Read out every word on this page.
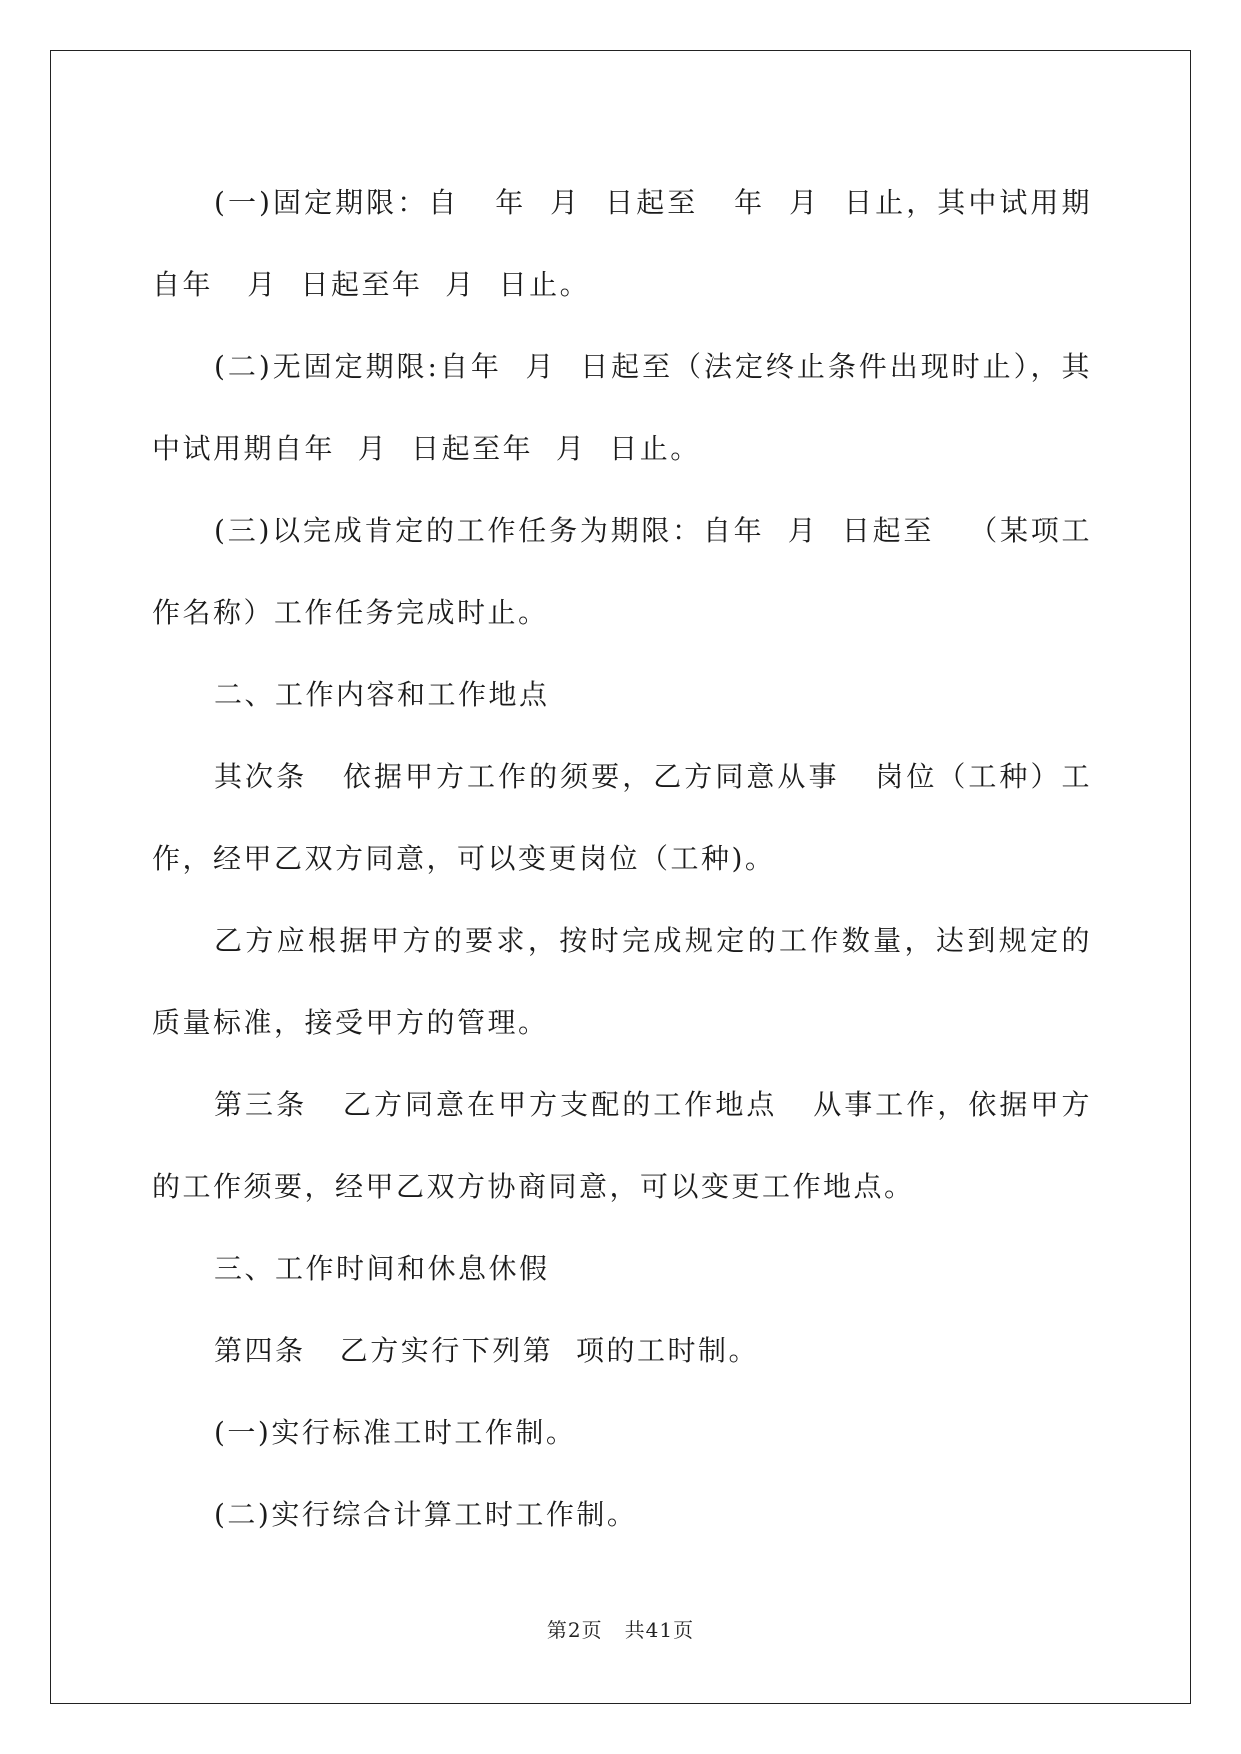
(一)固定期限：自   年  月  日起至   年  月  日止，其中试用期自年   月  日起至年  月  日止。

(二)无固定期限:自年  月  日起至（法定终止条件出现时止），其中试用期自年  月  日起至年  月  日止。

(三)以完成肯定的工作任务为期限：自年  月  日起至   （某项工作名称）工作任务完成时止。

二、工作内容和工作地点

其次条   依据甲方工作的须要，乙方同意从事   岗位（工种）工作，经甲乙双方同意，可以变更岗位（工种)。

乙方应根据甲方的要求，按时完成规定的工作数量，达到规定的质量标准，接受甲方的管理。

第三条   乙方同意在甲方支配的工作地点   从事工作，依据甲方的工作须要，经甲乙双方协商同意，可以变更工作地点。

三、工作时间和休息休假

第四条   乙方实行下列第  项的工时制。

(一)实行标准工时工作制。

(二)实行综合计算工时工作制。

第2页   共41页
